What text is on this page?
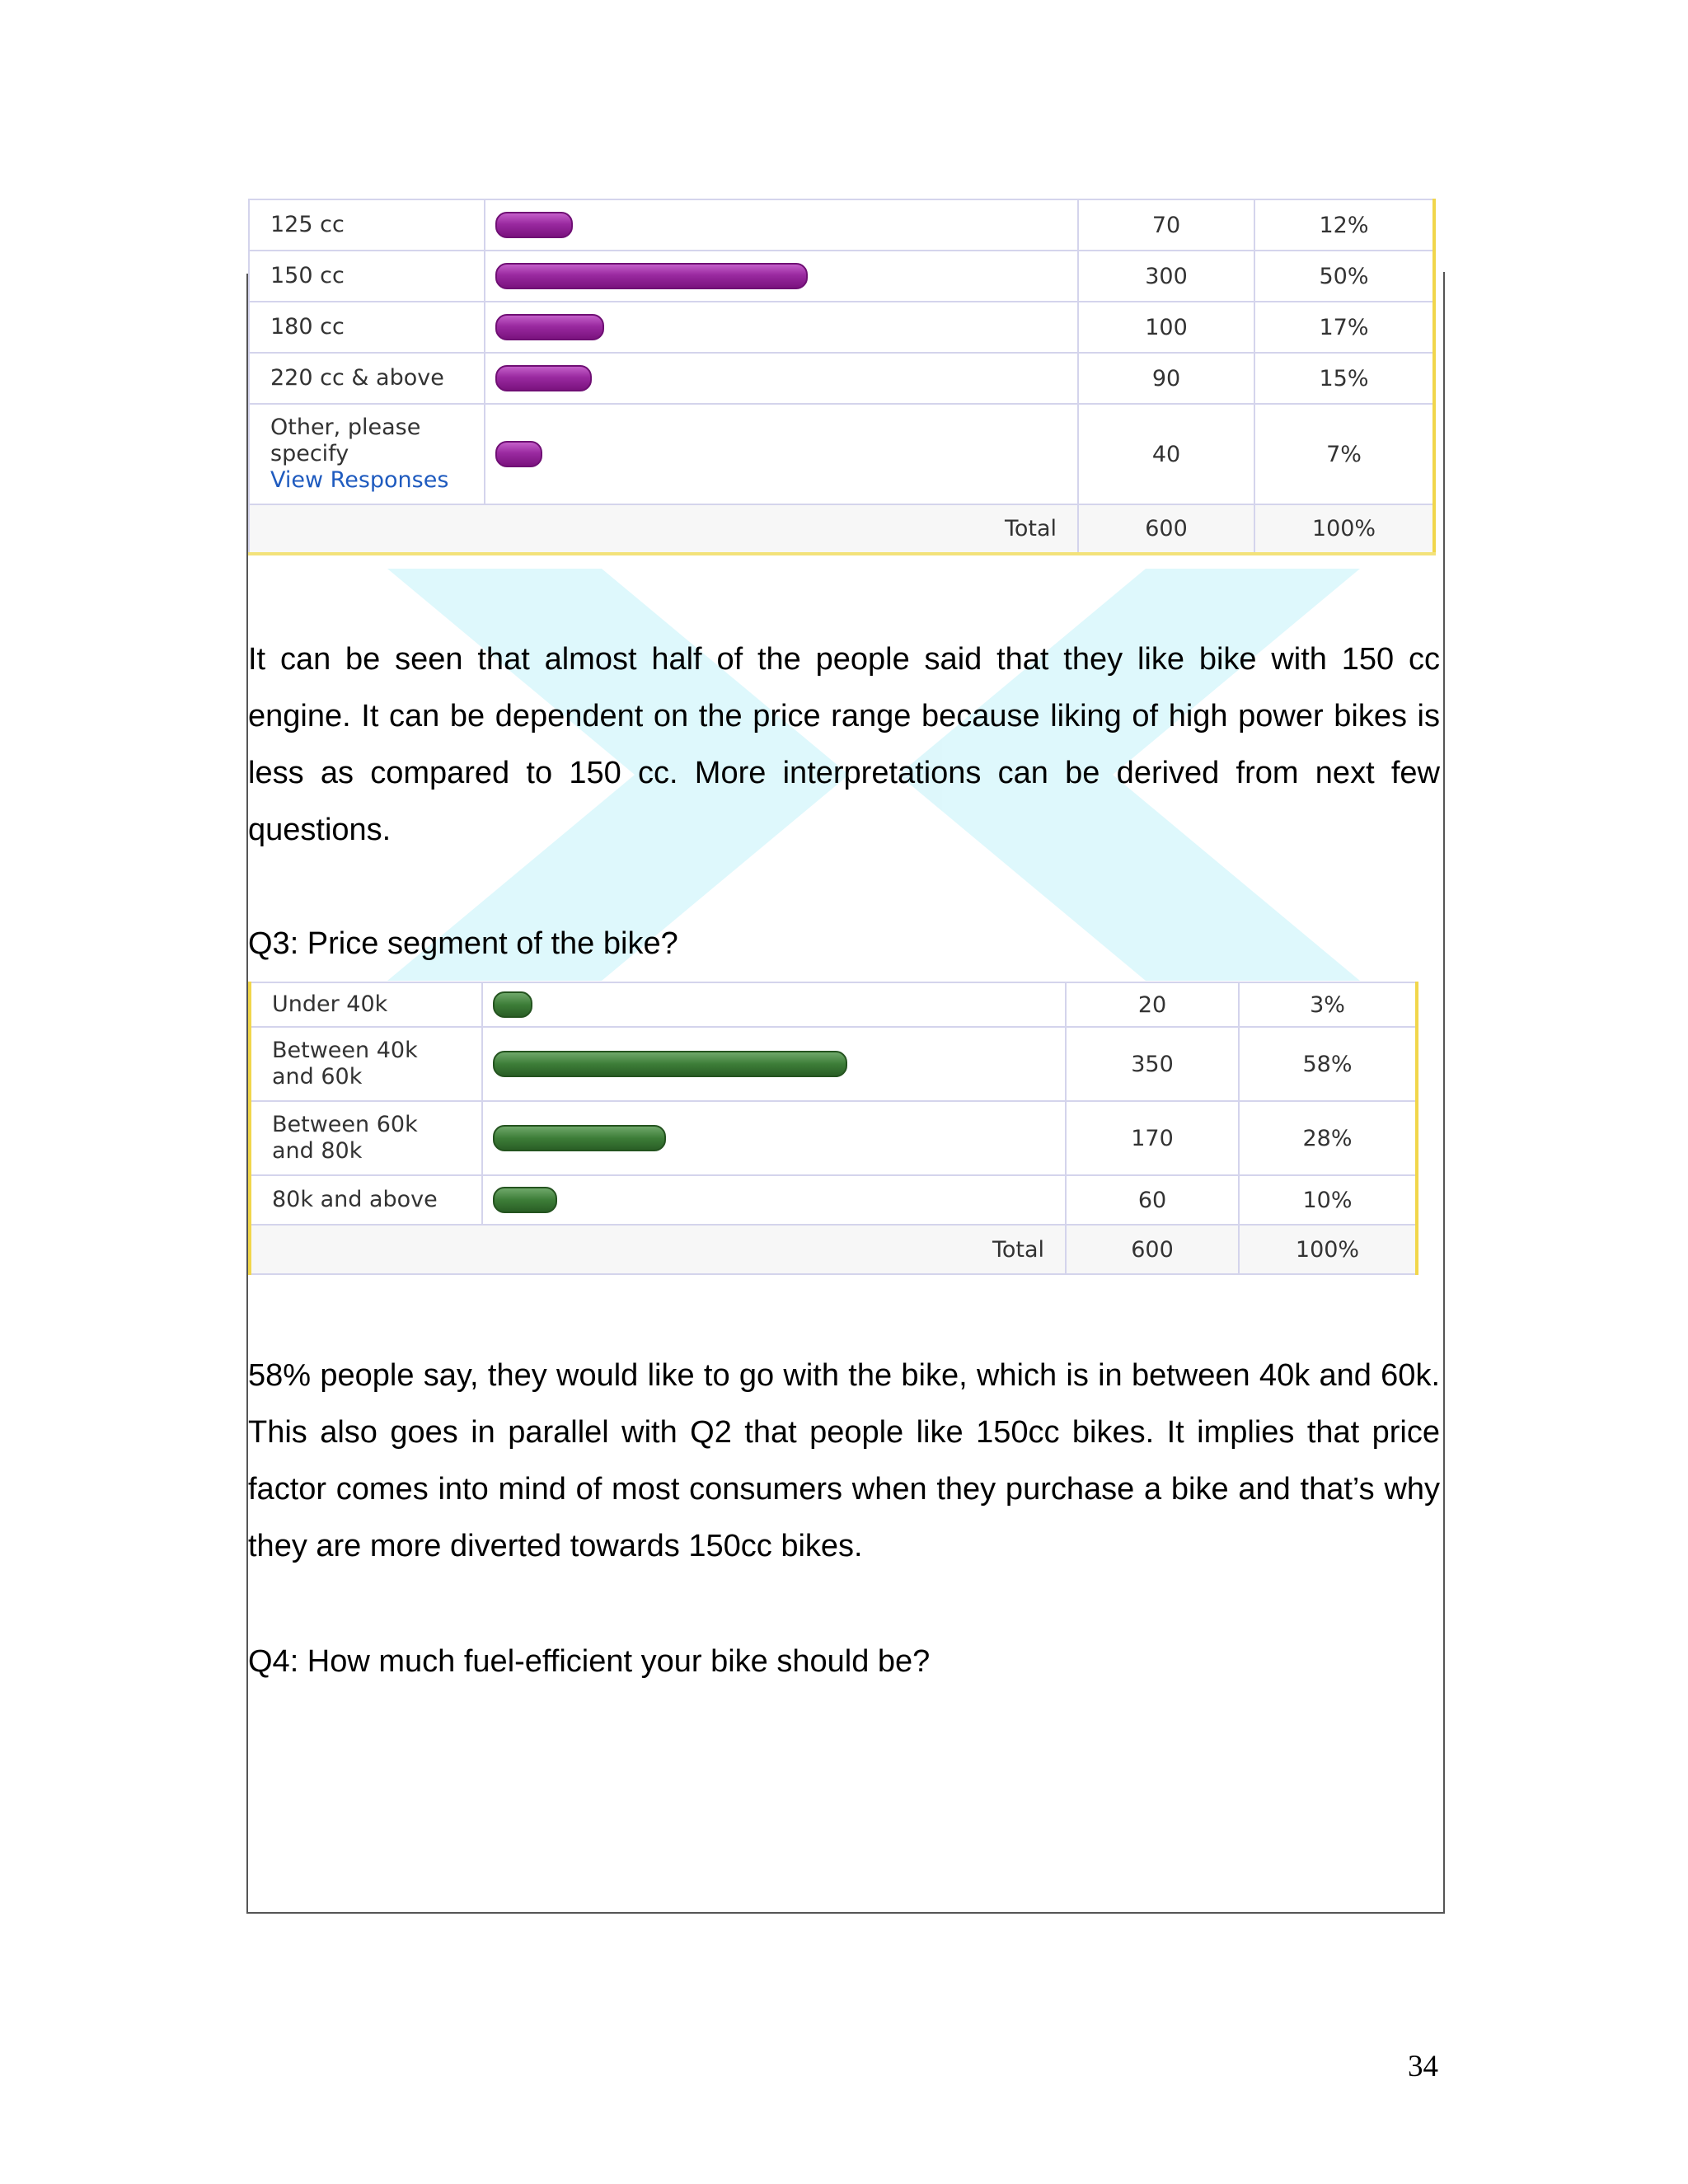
125 cc		70	12%
150 cc		300	50%
180 cc		100	17%
220 cc & above		90	15%

Other, please specify
View Responses		40	7%
Total		600	100%

It can be seen that almost half of the people said that they like bike with 150 cc engine. It can be dependent on the price range because liking of high power bikes is less as compared to 150 cc. More interpretations can be derived from next few questions.

Q3: Price segment of the bike?

Under 40k		20	3%

Between 40k and 60k		350	58%

Between 60k and 80k		170	28%
80k and above		60	10%
Total		600	100%

58% people say, they would like to go with the bike, which is in between 40k and 60k. This also goes in parallel with Q2 that people like 150cc bikes. It implies that price factor comes into mind of most consumers when they purchase a bike and that’s why they are more diverted towards 150cc bikes.

Q4: How much fuel-efficient your bike should be?

34
